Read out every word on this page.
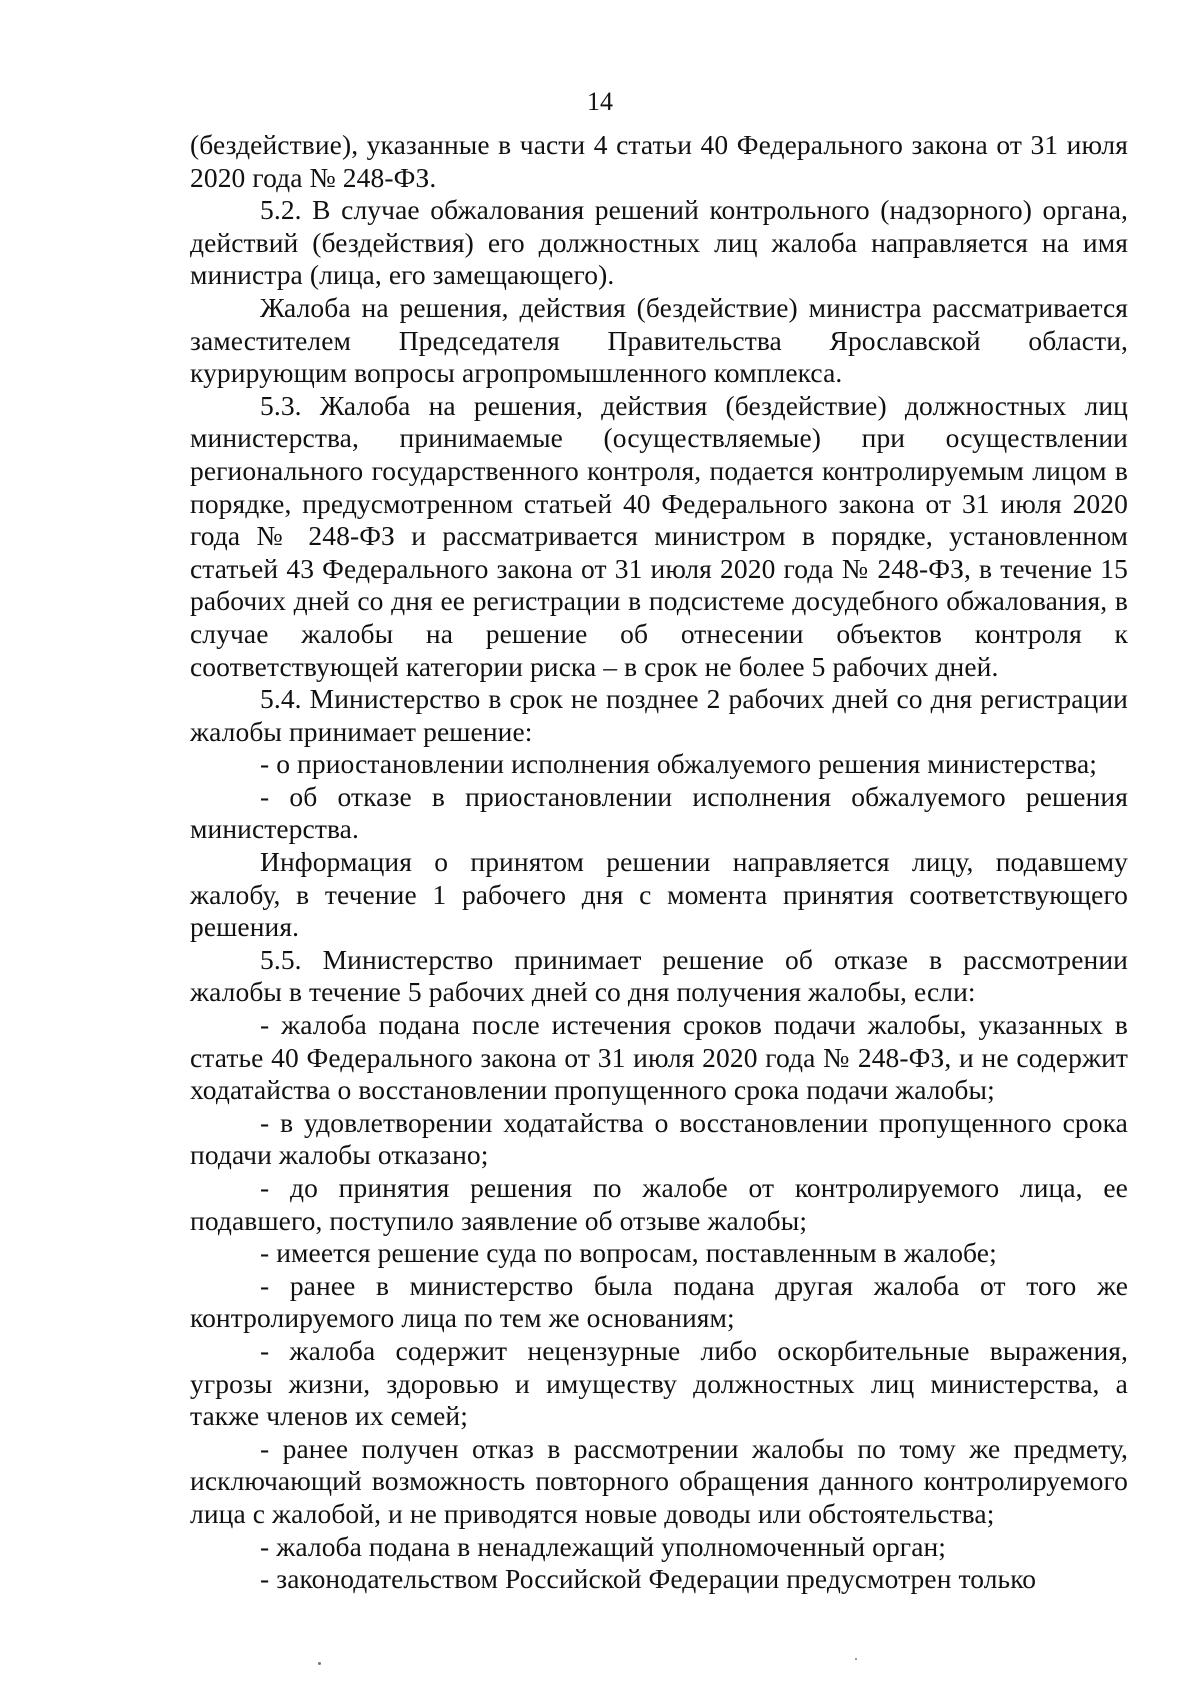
14

(бездействие), указанные в части 4 статьи 40 Федерального закона от 31 июля 2020 года № 248-ФЗ.

5.2. В случае обжалования решений контрольного (надзорного) органа, действий (бездействия) его должностных лиц жалоба направляется на имя министра (лица, его замещающего).

Жалоба на решения, действия (бездействие) министра рассматривается заместителем Председателя Правительства Ярославской области, курирующим вопросы агропромышленного комплекса.

5.3. Жалоба на решения, действия (бездействие) должностных лиц министерства, принимаемые (осуществляемые) при осуществлении регионального государственного контроля, подается контролируемым лицом в порядке, предусмотренном статьей 40 Федерального закона от 31 июля 2020 года № 248-ФЗ и рассматривается министром в порядке, установленном статьей 43 Федерального закона от 31 июля 2020 года № 248-ФЗ, в течение 15 рабочих дней со дня ее регистрации в подсистеме досудебного обжалования, в случае жалобы на решение об отнесении объектов контроля к соответствующей категории риска – в срок не более 5 рабочих дней.

5.4. Министерство в срок не позднее 2 рабочих дней со дня регистрации жалобы принимает решение:

- о приостановлении исполнения обжалуемого решения министерства;

- об отказе в приостановлении исполнения обжалуемого решения министерства.

Информация о принятом решении направляется лицу, подавшему жалобу, в течение 1 рабочего дня с момента принятия соответствующего решения.

5.5. Министерство принимает решение об отказе в рассмотрении жалобы в течение 5 рабочих дней со дня получения жалобы, если:

- жалоба подана после истечения сроков подачи жалобы, указанных в статье 40 Федерального закона от 31 июля 2020 года № 248-ФЗ, и не содержит ходатайства о восстановлении пропущенного срока подачи жалобы;

- в удовлетворении ходатайства о восстановлении пропущенного срока подачи жалобы отказано;

- до принятия решения по жалобе от контролируемого лица, ее подавшего, поступило заявление об отзыве жалобы;

- имеется решение суда по вопросам, поставленным в жалобе;

- ранее в министерство была подана другая жалоба от того же контролируемого лица по тем же основаниям;

- жалоба содержит нецензурные либо оскорбительные выражения, угрозы жизни, здоровью и имуществу должностных лиц министерства, а также членов их семей;

- ранее получен отказ в рассмотрении жалобы по тому же предмету, исключающий возможность повторного обращения данного контролируемого лица с жалобой, и не приводятся новые доводы или обстоятельства;

- жалоба подана в ненадлежащий уполномоченный орган;

- законодательством Российской Федерации предусмотрен только
